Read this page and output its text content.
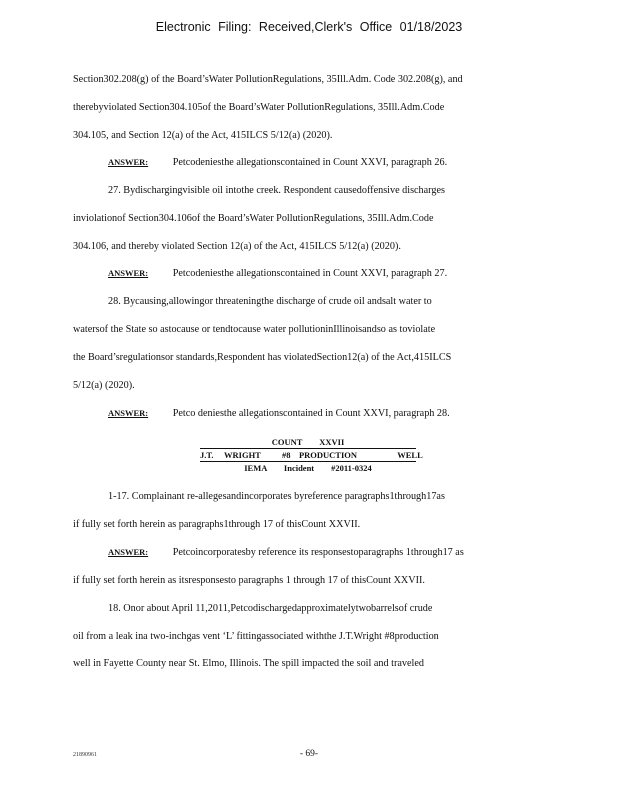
Electronic Filing: Received,Clerk's Office 01/18/2023
Section302.208(g) of the Board’sWater PollutionRegulations, 35Ill.Adm. Code 302.208(g), and
therebyviolated Section304.105of the Board’sWater PollutionRegulations, 35Ill.Adm.Code
304.105, and Section 12(a) of the Act, 415ILCS 5/12(a) (2020).
ANSWER: Petcodeniesthe allegationscontained in Count XXVI, paragraph 26.
27. Bydischargingvisible oil intothe creek. Respondent causedoffensive discharges
inviolationof Section304.106of the Board’sWater PollutionRegulations, 35Ill.Adm.Code
304.106, and thereby violated Section 12(a) of the Act, 415ILCS 5/12(a) (2020).
ANSWER: Petcodeniesthe allegationscontained in Count XXVI, paragraph 27.
28. Bycausing,allowingor threateningthe discharge of crude oil andsalt water to
watersof the State so astocause or tendtocause water pollutioninIllinoisandso as toviolate
the Board’sregulationsor standards,Respondent has violatedSection12(a) of the Act,415ILCS
5/12(a) (2020).
ANSWER: Petco deniesthe allegationscontained in Count XXVI, paragraph 28.
COUNT        XXVII
J.T.     WRIGHT          #8    PRODUCTION                   WELL
IEMA        Incident        #2011-0324
1-17. Complainant re-allegesandincorporates byreference paragraphs1through17as
if fully set forth herein as paragraphs1through 17 of thisCount XXVII.
ANSWER: Petcoincorporatesby reference its responsestoparagraphs 1through17 as
if fully set forth herein as itsresponsesto paragraphs 1 through 17 of thisCount XXVII.
18. Onor about April 11,2011,Petcodischargedapproximatelytwobarrelsof crude
oil from a leak ina two-inchgas vent ‘L’ fittingassociated withthe J.T.Wright #8production
well in Fayette County near St. Elmo, Illinois. The spill impacted the soil and traveled
21890961	- 69-
